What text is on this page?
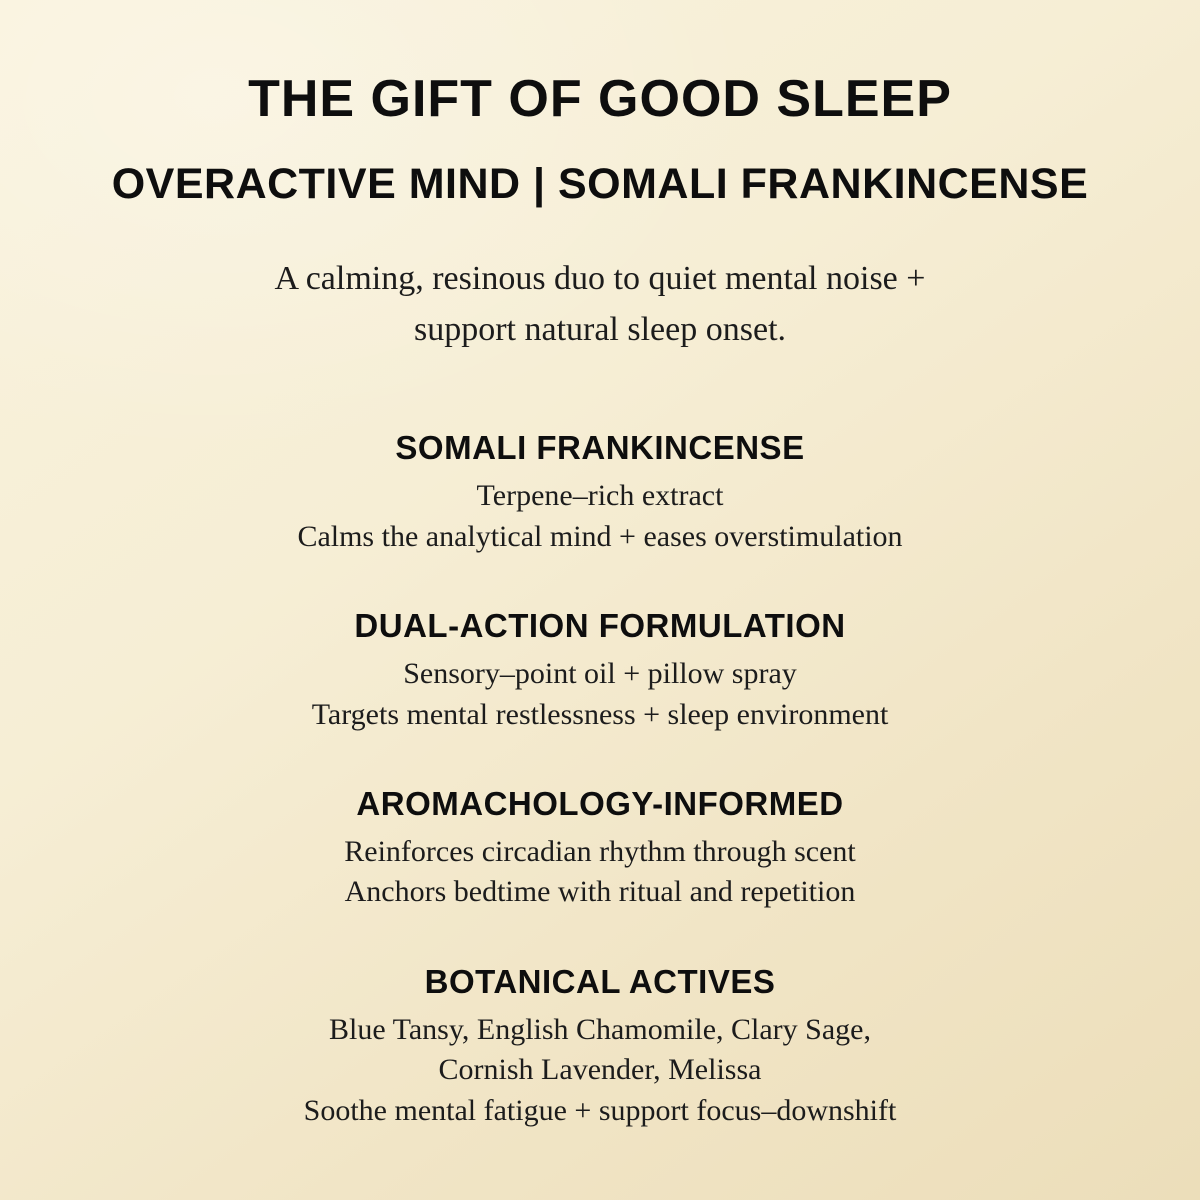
THE GIFT OF GOOD SLEEP
OVERACTIVE MIND | SOMALI FRANKINCENSE

A calming, resinous duo to quiet mental noise +
support natural sleep onset.

SOMALI FRANKINCENSE

Terpene–rich extract

Calms the analytical mind + eases overstimulation

DUAL-ACTION FORMULATION

Sensory–point oil + pillow spray

Targets mental restlessness + sleep environment

AROMACHOLOGY-INFORMED

Reinforces circadian rhythm through scent

Anchors bedtime with ritual and repetition

BOTANICAL ACTIVES

Blue Tansy, English Chamomile, Clary Sage,

Cornish Lavender, Melissa

Soothe mental fatigue + support focus–downshift
